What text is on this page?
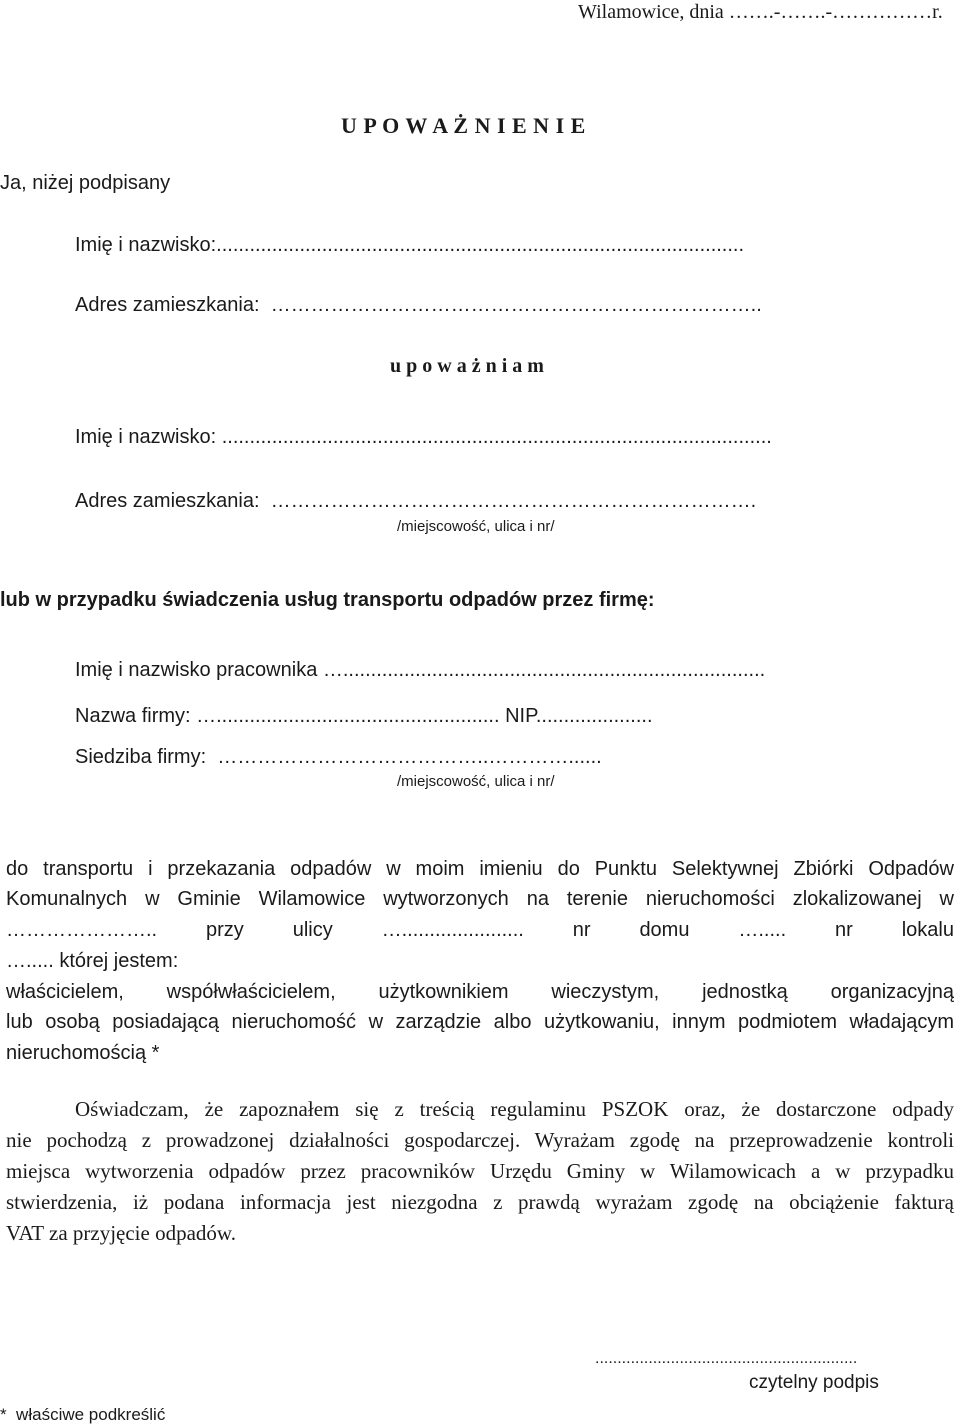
Wilamowice, dnia …….-…….-……………r.
U P O W A Ż N I E N I E
Ja, niżej podpisany
Imię i nazwisko:...............................................................................................
Adres zamieszkania:  ………………………………………………………………..
u p o w a ż n i a m
Imię i nazwisko: ...................................................................................................
Adres zamieszkania:  ……………………………………………………………….
/miejscowość, ulica i nr/
lub w przypadku świadczenia usług transportu odpadów przez firmę:
Imię i nazwisko pracownika …............................................................................
Nazwa firmy: …................................................... NIP.....................
Siedziba firmy:  …………………………………..…………......
/miejscowość, ulica i nr/
do transportu i przekazania odpadów w moim imieniu do Punktu Selektywnej Zbiórki Odpadów
Komunalnych w Gminie Wilamowice wytworzonych na terenie nieruchomości zlokalizowanej w
………………….. przy ulicy …...................... nr domu …..... nr lokalu
…..... której jestem:
właścicielem, współwłaścicielem, użytkownikiem wieczystym, jednostką organizacyjną
lub osobą posiadającą nieruchomość w zarządzie albo użytkowaniu, innym podmiotem władającym
nieruchomością *
Oświadczam, że zapoznałem się z treścią regulaminu PSZOK oraz, że dostarczone odpady
nie pochodzą z prowadzonej działalności gospodarczej. Wyrażam zgodę na przeprowadzenie kontroli
miejsca wytworzenia odpadów przez pracowników Urzędu Gminy w Wilamowicach a w przypadku
stwierdzenia, iż podana informacja jest niezgodna z prawdą wyrażam zgodę na obciążenie fakturą
VAT za przyjęcie odpadów.
...........................................................
czytelny podpis
*  właściwe podkreślić
